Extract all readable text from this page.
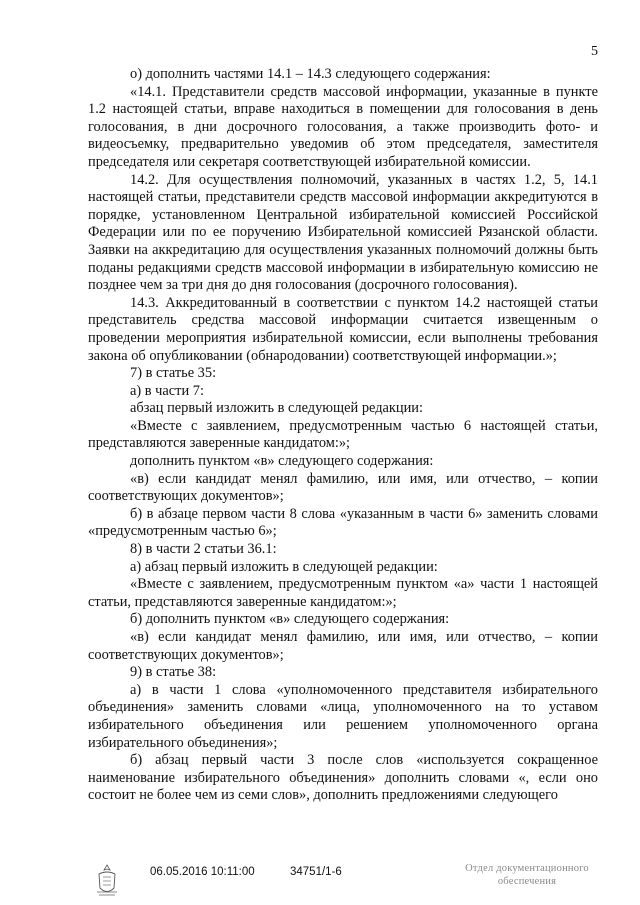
5

о) дополнить частями 14.1 – 14.3 следующего содержания:

«14.1. Представители средств массовой информации, указанные в пункте 1.2 настоящей статьи, вправе находиться в помещении для голосования в день голосования, в дни досрочного голосования, а также производить фото- и видеосъемку, предварительно уведомив об этом председателя, заместителя председателя или секретаря соответствующей избирательной комиссии.

14.2. Для осуществления полномочий, указанных в частях 1.2, 5, 14.1 настоящей статьи, представители средств массовой информации аккредитуются в порядке, установленном Центральной избирательной комиссией Российской Федерации или по ее поручению Избирательной комиссией Рязанской области. Заявки на аккредитацию для осуществления указанных полномочий должны быть поданы редакциями средств массовой информации в избирательную комиссию не позднее чем за три дня до дня голосования (досрочного голосования).

14.3. Аккредитованный в соответствии с пунктом 14.2 настоящей статьи представитель средства массовой информации считается извещенным о проведении мероприятия избирательной комиссии, если выполнены требования закона об опубликовании (обнародовании) соответствующей информации.»;

7) в статье 35:

а) в части 7:

абзац первый изложить в следующей редакции:

«Вместе с заявлением, предусмотренным частью 6 настоящей статьи, представляются заверенные кандидатом:»;

дополнить пунктом «в» следующего содержания:

«в) если кандидат менял фамилию, или имя, или отчество, – копии соответствующих документов»;

б) в абзаце первом части 8 слова «указанным в части 6» заменить словами «предусмотренным частью 6»;

8) в части 2 статьи 36.1:

а) абзац первый изложить в следующей редакции:

«Вместе с заявлением, предусмотренным пунктом «а» части 1 настоящей статьи, представляются заверенные кандидатом:»;

б) дополнить пунктом «в» следующего содержания:

«в) если кандидат менял фамилию, или имя, или отчество, – копии соответствующих документов»;

9) в статье 38:

а) в части 1 слова «уполномоченного представителя избирательного объединения» заменить словами «лица, уполномоченного на то уставом избирательного объединения или решением уполномоченного органа избирательного объединения»;

б) абзац первый части 3 после слов «используется сокращенное наименование избирательного объединения» дополнить словами «, если оно состоит не более чем из семи слов», дополнить предложениями следующего

06.05.2016 10:11:00	34751/1-6	Отдел документационного
обеспечения
